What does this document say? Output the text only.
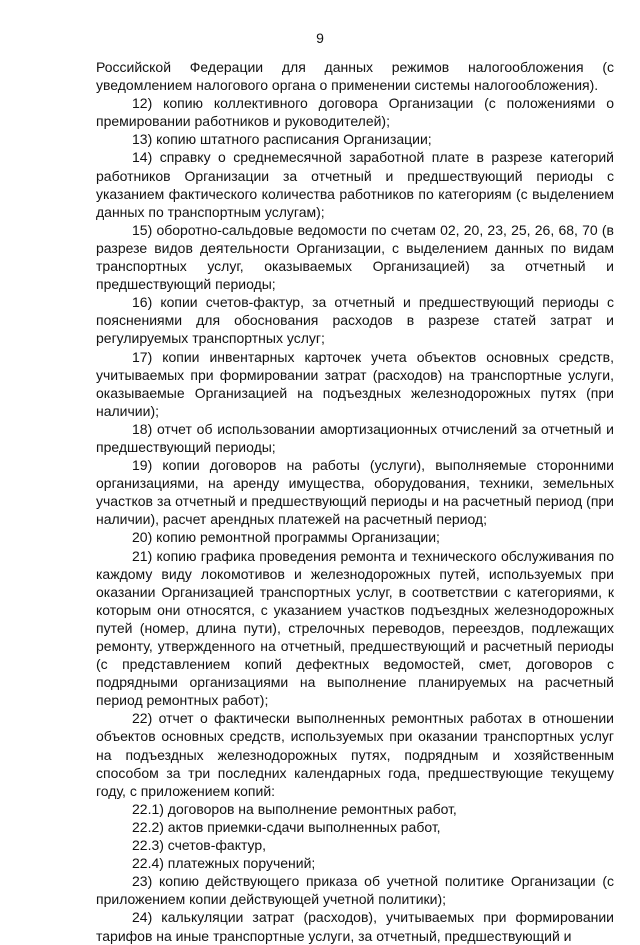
9

Российской Федерации для данных режимов налогообложения (с уведомлением налогового органа о применении системы налогообложения).

12) копию коллективного договора Организации (с положениями о премировании работников и руководителей);

13) копию штатного расписания Организации;

14) справку о среднемесячной заработной плате в разрезе категорий работников Организации за отчетный и предшествующий периоды с указанием фактического количества работников по категориям (с выделением данных по транспортным услугам);

15) оборотно-сальдовые ведомости по счетам 02, 20, 23, 25, 26, 68, 70 (в разрезе видов деятельности Организации, с выделением данных по видам транспортных услуг, оказываемых Организацией) за отчетный и предшествующий периоды;

16) копии счетов-фактур, за отчетный и предшествующий периоды с пояснениями для обоснования расходов в разрезе статей затрат и регулируемых транспортных услуг;

17) копии инвентарных карточек учета объектов основных средств, учитываемых при формировании затрат (расходов) на транспортные услуги, оказываемые Организацией на подъездных железнодорожных путях (при наличии);

18) отчет об использовании амортизационных отчислений за отчетный и предшествующий периоды;

19) копии договоров на работы (услуги), выполняемые сторонними организациями, на аренду имущества, оборудования, техники, земельных участков за отчетный и предшествующий периоды и на расчетный период (при наличии), расчет арендных платежей на расчетный период;

20) копию ремонтной программы Организации;

21) копию графика проведения ремонта и технического обслуживания по каждому виду локомотивов и железнодорожных путей, используемых при оказании Организацией транспортных услуг, в соответствии с категориями, к которым они относятся, с указанием участков подъездных железнодорожных путей (номер, длина пути), стрелочных переводов, переездов, подлежащих ремонту, утвержденного на отчетный, предшествующий и расчетный периоды (с представлением копий дефектных ведомостей, смет, договоров с подрядными организациями на выполнение планируемых на расчетный период ремонтных работ);

22) отчет о фактически выполненных ремонтных работах в отношении объектов основных средств, используемых при оказании транспортных услуг на подъездных железнодорожных путях, подрядным и хозяйственным способом за три последних календарных года, предшествующие текущему году, с приложением копий:

22.1) договоров на выполнение ремонтных работ,

22.2) актов приемки-сдачи выполненных работ,

22.3) счетов-фактур,

22.4) платежных поручений;

23) копию действующего приказа об учетной политике Организации (с приложением копии действующей учетной политики);

24) калькуляции затрат (расходов), учитываемых при формировании тарифов на иные транспортные услуги, за отчетный, предшествующий и
